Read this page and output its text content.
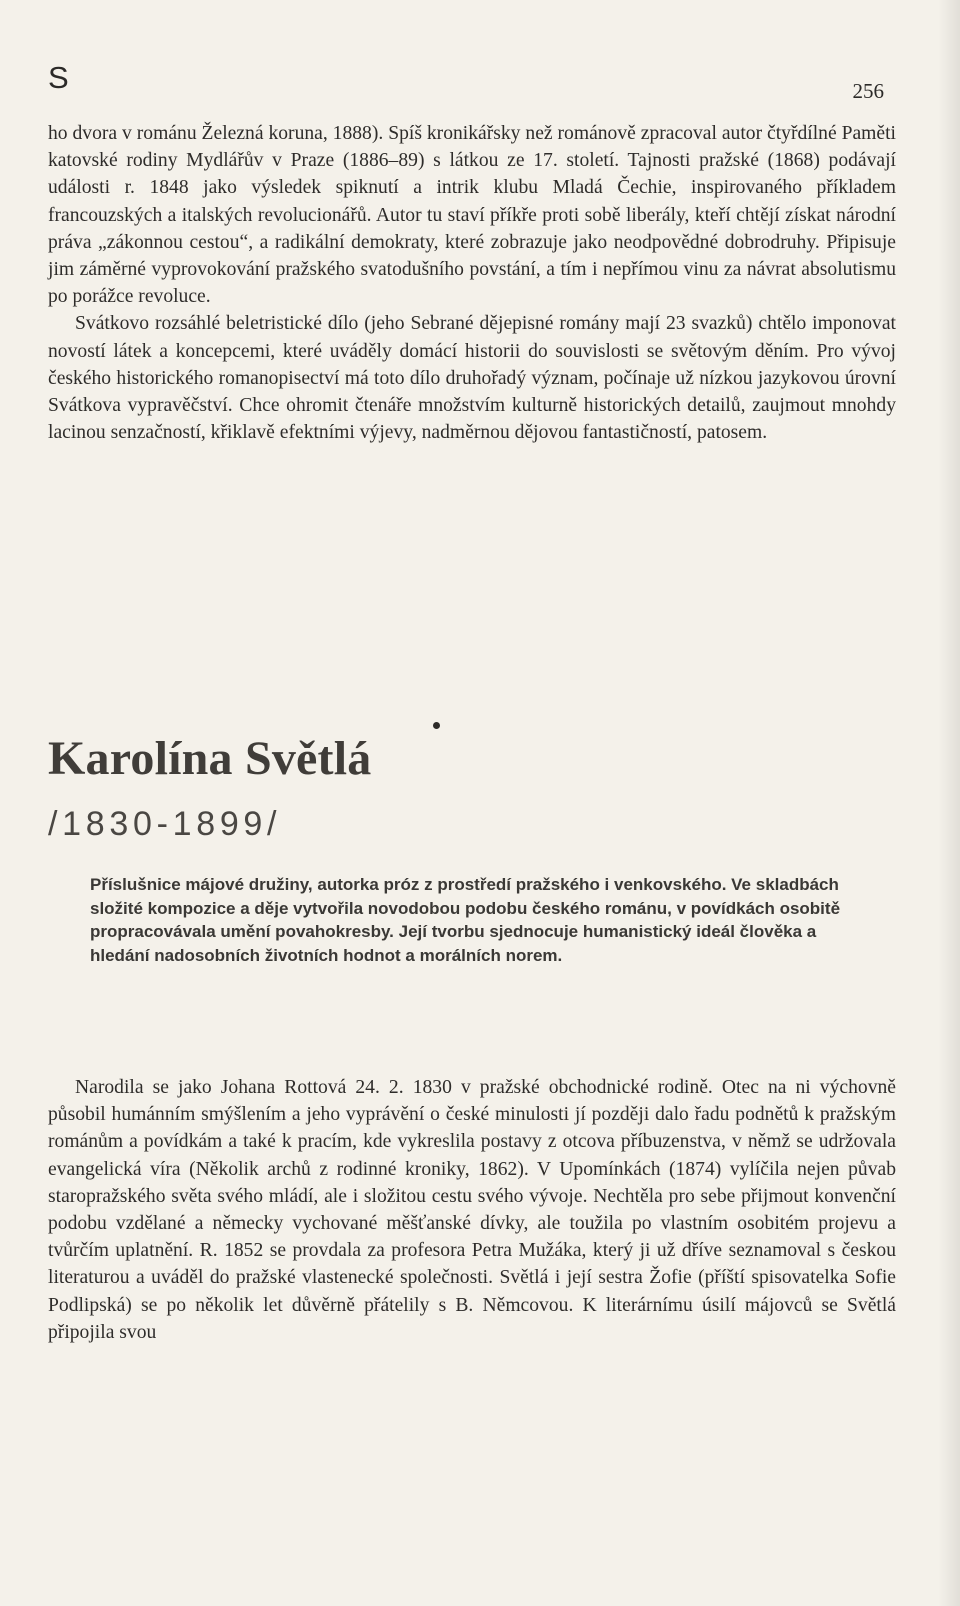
S	256

ho dvora v románu Železná koruna, 1888). Spíš kronikářsky než románově zpracoval autor čtyřdílné Paměti katovské rodiny Mydlářův v Praze (1886–89) s látkou ze 17. století. Tajnosti pražské (1868) podávají události r. 1848 jako výsledek spiknutí a intrik klubu Mladá Čechie, inspirovaného příkladem francouzských a italských revolucionářů. Autor tu staví příkře proti sobě liberály, kteří chtějí získat národní práva „zákonnou cestou“, a radikální demokraty, které zobrazuje jako neodpovědné dobrodruhy. Připisuje jim záměrné vyprovokování pražského svatodušního povstání, a tím i nepřímou vinu za návrat absolutismu po porážce revoluce.

Svátkovo rozsáhlé beletristické dílo (jeho Sebrané dějepisné romány mají 23 svazků) chtělo imponovat novostí látek a koncepcemi, které uváděly domácí historii do souvislosti se světovým děním. Pro vývoj českého historického romanopisectví má toto dílo druhořadý význam, počínaje už nízkou jazykovou úrovní Svátkova vypravěčství. Chce ohromit čtenáře množstvím kulturně historických detailů, zaujmout mnohdy lacinou senzačností, křiklavě efektními výjevy, nadměrnou dějovou fantastičností, patosem.

Karolína Světlá
/1830-1899/
Příslušnice májové družiny, autorka próz z prostředí pražského i venkovského. Ve skladbách složité kompozice a děje vytvořila novodobou podobu českého románu, v povídkách osobitě propracovávala umění povahokresby. Její tvorbu sjednocuje humanistický ideál člověka a hledání nadosobních životních hodnot a morálních norem.

Narodila se jako Johana Rottová 24. 2. 1830 v pražské obchodnické rodině. Otec na ni výchovně působil humánním smýšlením a jeho vyprávění o české minulosti jí později dalo řadu podnětů k pražským románům a povídkám a také k pracím, kde vykreslila postavy z otcova příbuzenstva, v němž se udržovala evangelická víra (Několik archů z rodinné kroniky, 1862). V Upomínkách (1874) vylíčila nejen půvab staropražského světa svého mládí, ale i složitou cestu svého vývoje. Nechtěla pro sebe přijmout konvenční podobu vzdělané a německy vychované měšťanské dívky, ale toužila po vlastním osobitém projevu a tvůrčím uplatnění. R. 1852 se provdala za profesora Petra Mužáka, který ji už dříve seznamoval s českou literaturou a uváděl do pražské vlastenecké společnosti. Světlá i její sestra Žofie (příští spisovatelka Sofie Podlipská) se po několik let důvěrně přátelily s B. Němcovou. K literárnímu úsilí májovců se Světlá připojila svou
